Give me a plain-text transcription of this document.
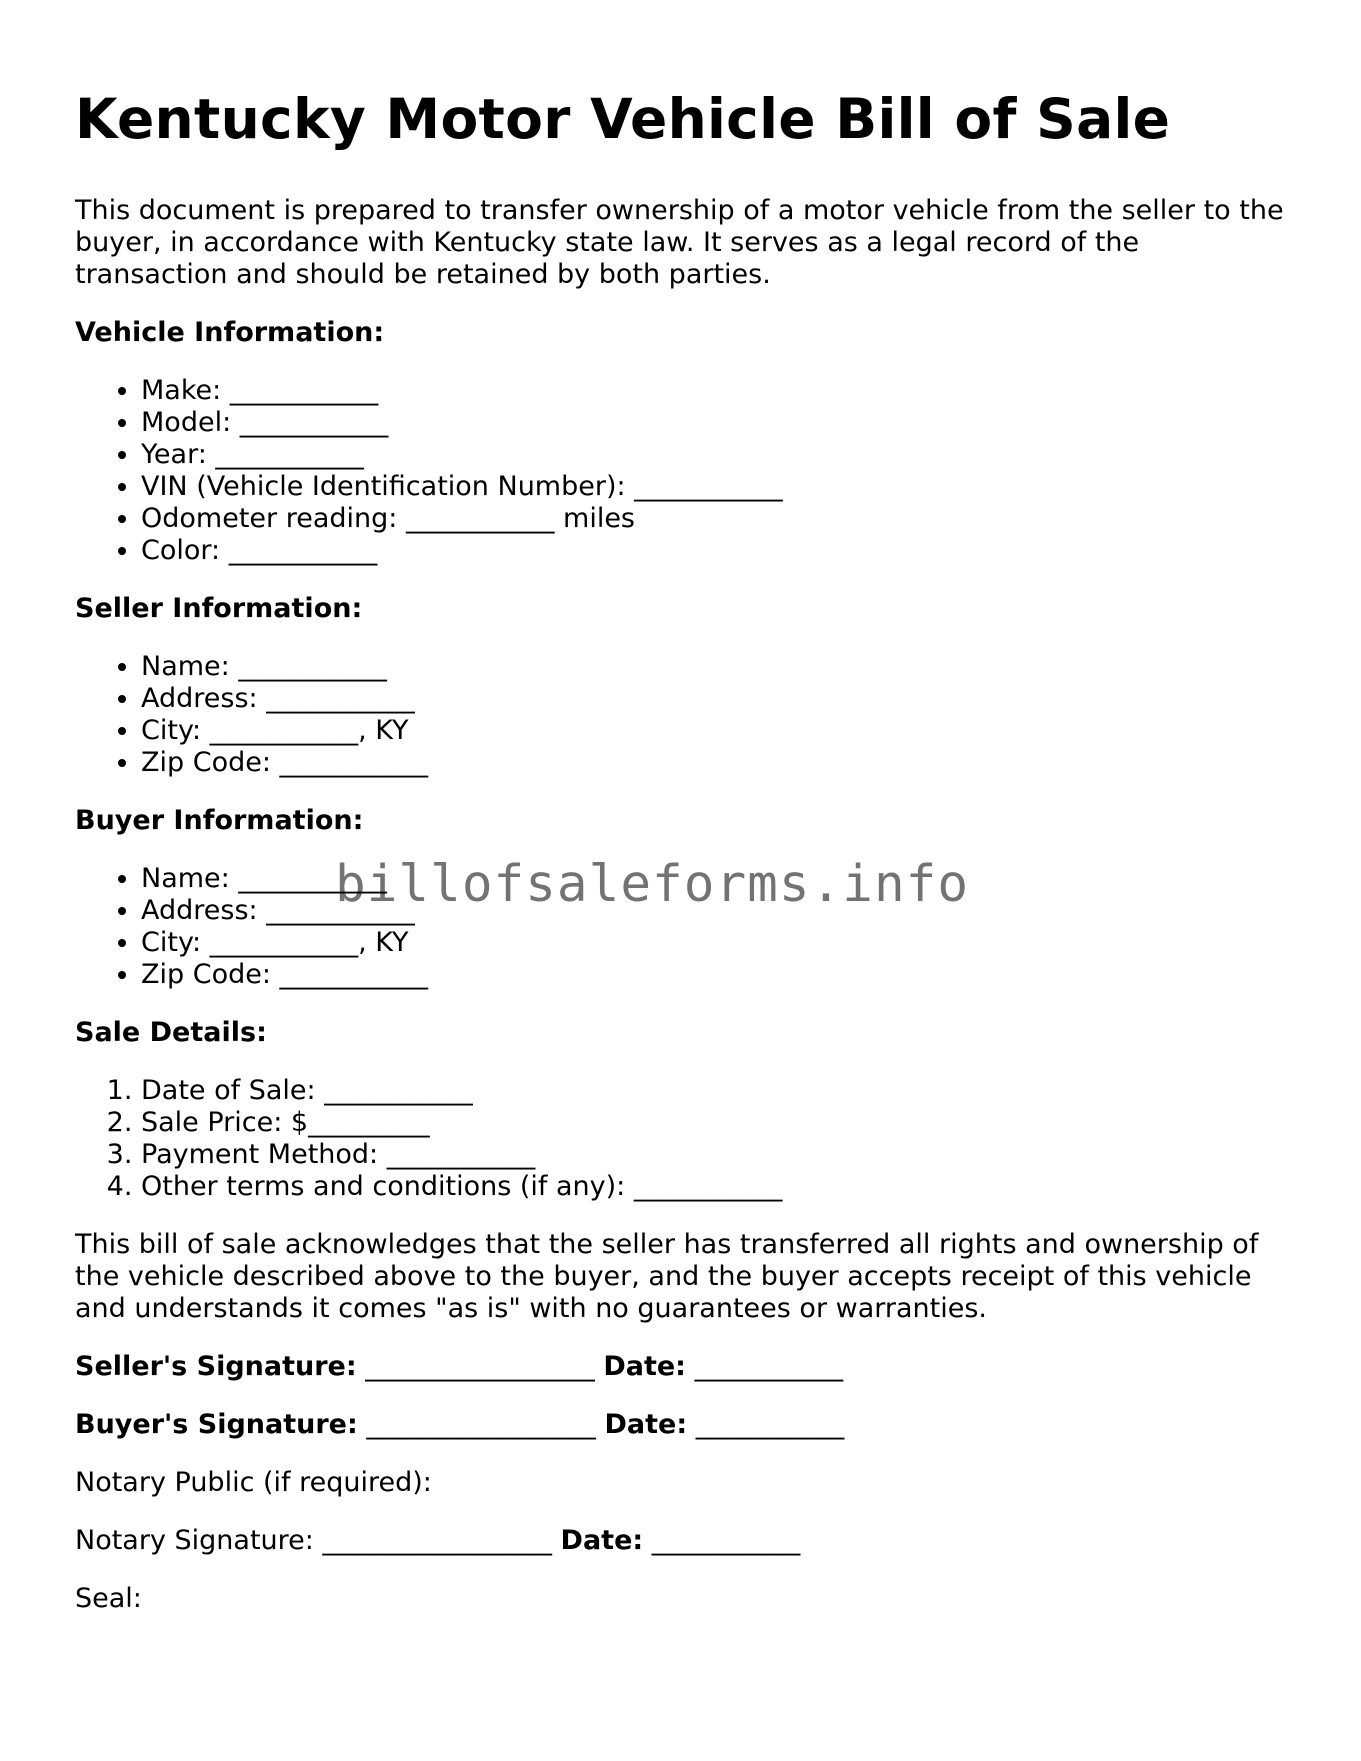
Kentucky Motor Vehicle Bill of Sale

This document is prepared to transfer ownership of a motor vehicle from the seller to the buyer, in accordance with Kentucky state law. It serves as a legal record of the transaction and should be retained by both parties.

Vehicle Information:

• Make: ___________
• Model: ___________
• Year: ___________
• VIN (Vehicle Identification Number): ___________
• Odometer reading: ___________ miles
• Color: ___________

Seller Information:

• Name: ___________
• Address: ___________
• City: ___________, KY
• Zip Code: ___________

Buyer Information:

• Name: ___________
• Address: ___________
• City: ___________, KY
• Zip Code: ___________

Sale Details:

1. Date of Sale: ___________
2. Sale Price: $_________
3. Payment Method: ___________
4. Other terms and conditions (if any): ___________

This bill of sale acknowledges that the seller has transferred all rights and ownership of the vehicle described above to the buyer, and the buyer accepts receipt of this vehicle and understands it comes "as is" with no guarantees or warranties.

Seller's Signature: _________________ Date: ___________

Buyer's Signature: _________________ Date: ___________

Notary Public (if required):

Notary Signature: _________________ Date: ___________

Seal:

billofsaleforms.info
